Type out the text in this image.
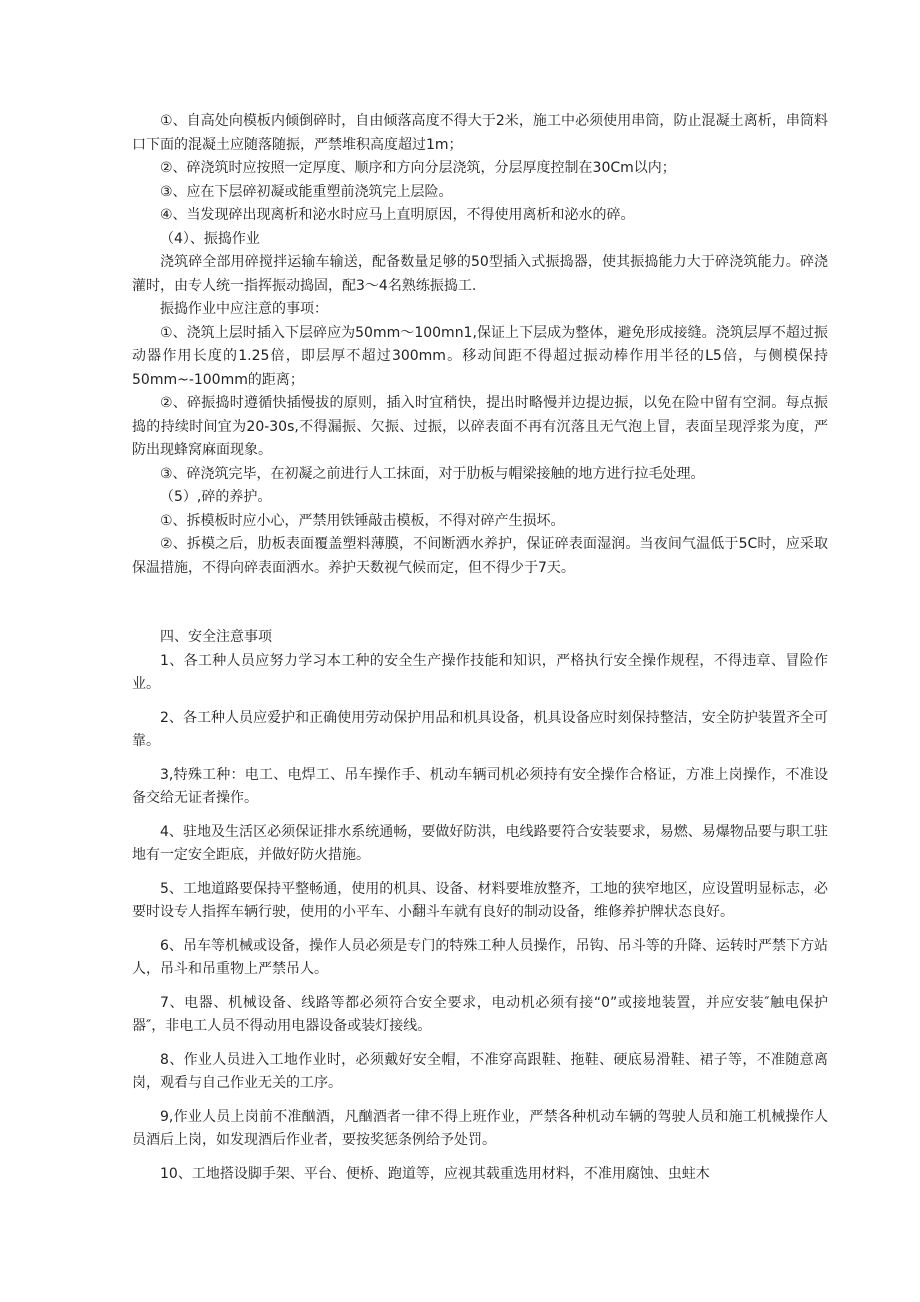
①、自高处向模板内倾倒碎时，自由倾落高度不得大于2米，施工中必须使用串筒，防止混凝土离析，串筒料口下面的混凝土应随落随振，严禁堆积高度超过1m；

②、碎浇筑时应按照一定厚度、顺序和方向分层浇筑，分层厚度控制在30Cm以内；

③、应在下层碎初凝或能重塑前浇筑完上层险。

④、当发现碎出现离析和泌水时应马上直明原因，不得使用离析和泌水的碎。

（4）、振捣作业

浇筑碎全部用碎搅拌运输车输送，配备数量足够的50型插入式振捣器，使其振捣能力大于碎浇筑能力。碎浇灌时，由专人统一指挥振动捣固，配3～4名熟练振捣工.

振捣作业中应注意的事项：

①、浇筑上层时插入下层碎应为50mm～100mn1,保证上下层成为整体，避免形成接缝。浇筑层厚不超过振动器作用长度的1.25倍，即层厚不超过300mm。移动间距不得超过振动棒作用半径的L5倍，与侧模保持50mm~-100mm的距离；

②、碎振捣时遵循快插慢拔的原则，插入时宜稍快，提出时略慢并边提边振，以免在险中留有空洞。每点振捣的持续时间宜为20-30s,不得漏振、欠振、过振，以碎表面不再有沉落且无气泡上冒，表面呈现浮浆为度，严防出现蜂窝麻面现象。

③、碎浇筑完毕，在初凝之前进行人工抹面，对于肋板与帽梁接触的地方进行拉毛处理。

（5）,碎的养护。

①、拆模板时应小心，严禁用铁锤敲击模板，不得对碎产生损坏。

②、拆模之后，肋板表面覆盖塑料薄膜，不间断洒水养护，保证碎表面湿润。当夜间气温低于5C时，应采取保温措施，不得向碎表面洒水。养护天数视气候而定，但不得少于7天。

四、安全注意事项

1、各工种人员应努力学习本工种的安全生产操作技能和知识，严格执行安全操作规程，不得违章、冒险作业。

2、各工种人员应爱护和正确使用劳动保护用品和机具设备，机具设备应时刻保持整洁，安全防护装置齐全可靠。

3,特殊工种：电工、电焊工、吊车操作手、机动车辆司机必须持有安全操作合格证，方准上岗操作，不准设备交给无证者操作。

4、驻地及生活区必须保证排水系统通畅，要做好防洪，电线路要符合安装要求，易燃、易爆物品要与职工驻地有一定安全距底，并做好防火措施。

5、工地道路要保持平整畅通，使用的机具、设备、材料要堆放整齐，工地的狭窄地区，应设置明显标志，必要时设专人指挥车辆行驶，使用的小平车、小翻斗车就有良好的制动设备，维修养护牌状态良好。

6、吊车等机械或设备，操作人员必须是专门的特殊工种人员操作，吊钩、吊斗等的升降、运转时严禁下方站人，吊斗和吊重物上严禁吊人。

7、电器、机械设备、线路等都必须符合安全要求，电动机必须有接“0”或接地装置，并应安装″触电保护器″，非电工人员不得动用电器设备或装灯接线。

8、作业人员进入工地作业时，必须戴好安全帽，不准穿高跟鞋、拖鞋、硬底易滑鞋、裙子等，不准随意离岗，观看与自己作业无关的工序。

9,作业人员上岗前不准酗酒，凡酗酒者一律不得上班作业，严禁各种机动车辆的驾驶人员和施工机械操作人员酒后上岗，如发现酒后作业者，要按奖惩条例给予处罚。

10、工地搭设脚手架、平台、便桥、跑道等，应视其载重选用材料，不准用腐蚀、虫蛀木
